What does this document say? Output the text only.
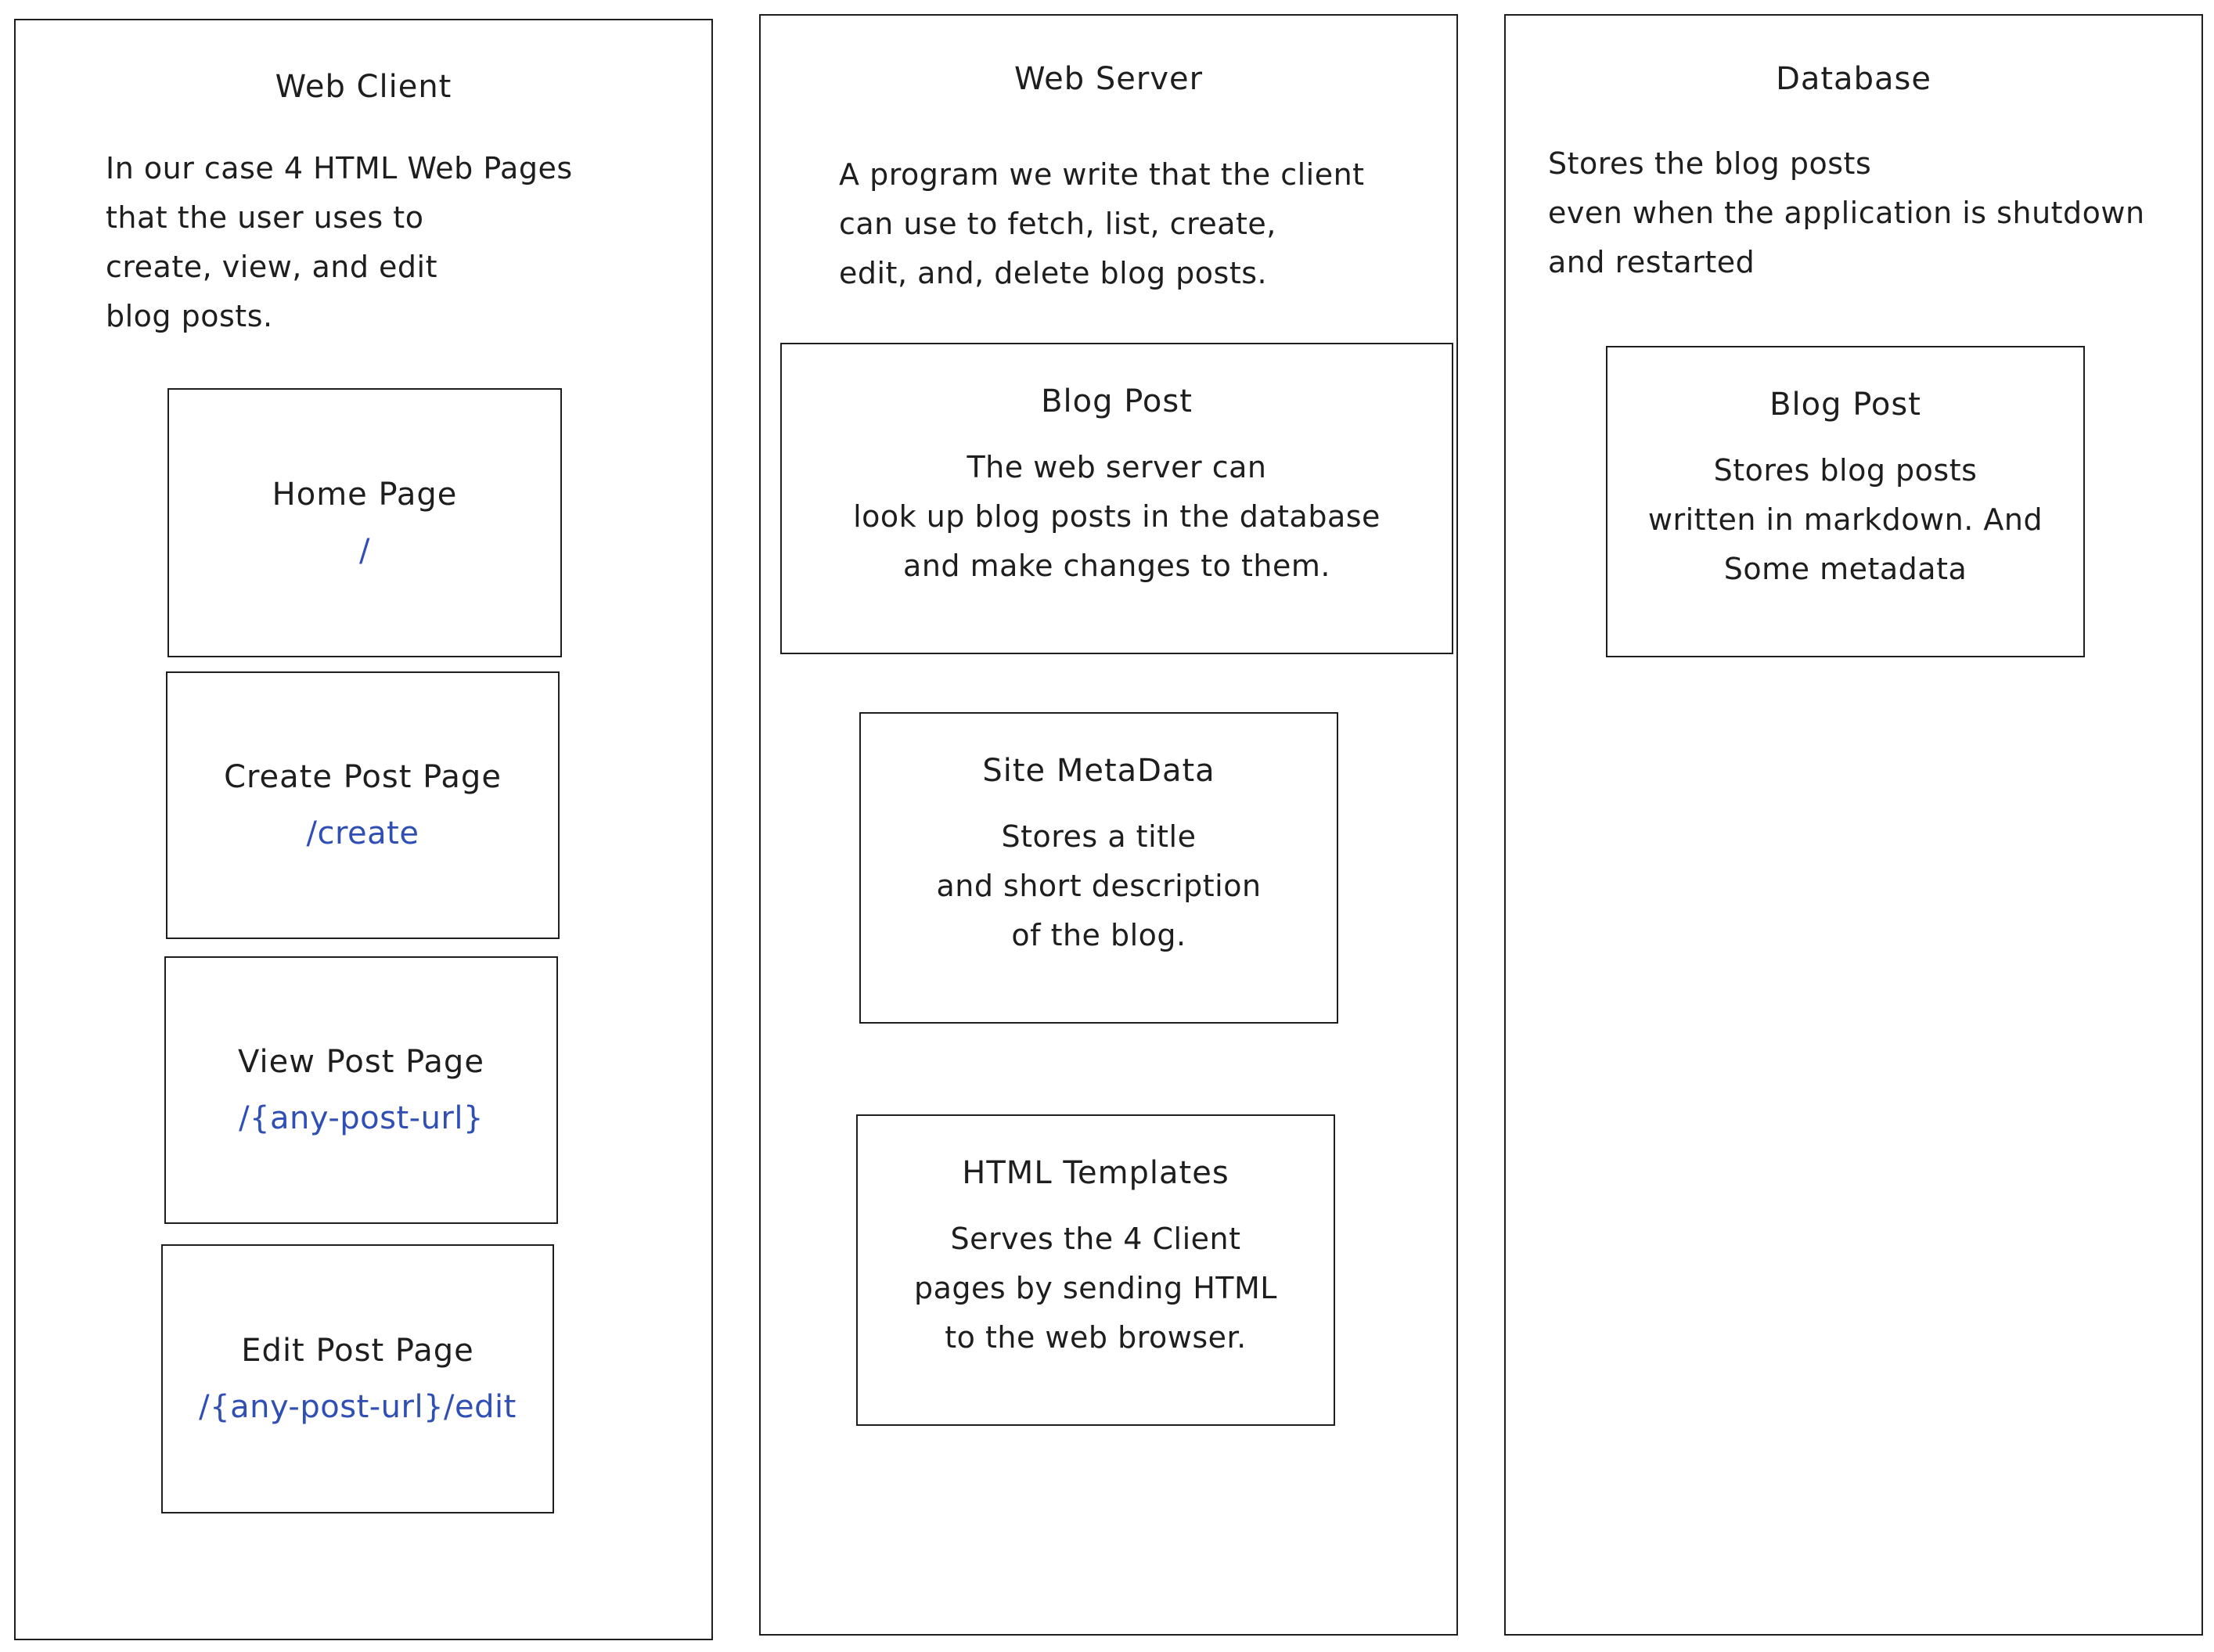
Web Client
In our case 4 HTML Web Pages
that the user uses to
create, view, and edit
blog posts.
Home Page
/
Create Post Page
/create
View Post Page
/{any-post-url}
Edit Post Page
/{any-post-url}/edit
Web Server
A program we write that the client
can use to fetch, list, create,
edit, and, delete blog posts.
Blog Post
The web server can
look up blog posts in the database
and make changes to them.
Site MetaData
Stores a title
and short description
of the blog.
HTML Templates
Serves the 4 Client
pages by sending HTML
to the web browser.
Database
Stores the blog posts
even when the application is shutdown
and restarted
Blog Post
Stores blog posts
written in markdown. And
Some metadata
